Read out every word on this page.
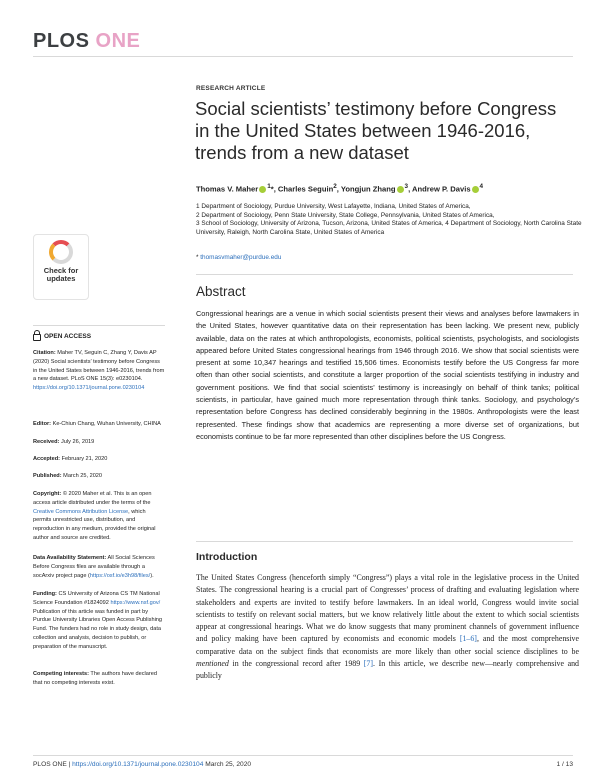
PLOS ONE
RESEARCH ARTICLE
Social scientists’ testimony before Congress in the United States between 1946-2016, trends from a new dataset
Thomas V. Maher $^1$*, Charles Seguin$^2$, Yongjun Zhang $^3$, Andrew P. Davis $^4$
1 Department of Sociology, Purdue University, West Lafayette, Indiana, United States of America,
2 Department of Sociology, Penn State University, State College, Pennsylvania, United States of America,
3 School of Sociology, University of Arizona, Tucson, Arizona, United States of America, 4 Department of Sociology, North Carolina State University, Raleigh, North Carolina State, United States of America
* thomasvmaher@purdue.edu
Check for
updates
OPEN ACCESS
Citation: Maher TV, Seguin C, Zhang Y, Davis AP (2020) Social scientists’ testimony before Congress in the United States between 1946-2016, trends from a new dataset. PLoS ONE 15(3): e0230104. https://doi.org/10.1371/journal.pone.0230104
Editor: Ke-Chiun Chang, Wuhan University, CHINA
Received: July 26, 2019
Accepted: February 21, 2020
Published: March 25, 2020
Copyright: © 2020 Maher et al. This is an open access article distributed under the terms of the Creative Commons Attribution License, which permits unrestricted use, distribution, and reproduction in any medium, provided the original author and source are credited.
Data Availability Statement: All Social Sciences Before Congress files are available through a socArxiv project page (https://osf.io/e3h98/files/).
Funding: CS University of Arizona CS TM National Science Foundation #1824092 https://www.nsf.gov/ Publication of this article was funded in part by Purdue University Libraries Open Access Publishing Fund. The funders had no role in study design, data collection and analysis, decision to publish, or preparation of the manuscript.
Competing interests: The authors have declared that no competing interests exist.
Abstract
Congressional hearings are a venue in which social scientists present their views and analyses before lawmakers in the United States, however quantitative data on their representation has been lacking. We present new, publicly available, data on the rates at which anthropologists, economists, political scientists, psychologists, and sociologists appeared before United States congressional hearings from 1946 through 2016. We show that social scientists were present at some 10,347 hearings and testified 15,506 times. Economists testify before the US Congress far more often than other social scientists, and constitute a larger proportion of the social scientists testifying in industry and government positions. We find that social scientists’ testimony is increasingly on behalf of think tanks; political scientists, in particular, have gained much more representation through think tanks. Sociology, and psychology’s representation before Congress has declined considerably beginning in the 1980s. Anthropologists were the least represented. These findings show that academics are representing a more diverse set of organizations, but economists continue to be far more represented than other disciplines before the US Congress.
Introduction
The United States Congress (henceforth simply “Congress”) plays a vital role in the legislative process in the United States. The congressional hearing is a crucial part of Congresses’ process of drafting and evaluating legislation where stakeholders and experts are invited to testify before lawmakers. In an ideal world, Congress would invite social scientists to testify on relevant social matters, but we know relatively little about the extent to which social scientists appear at congressional hearings. What we do know suggests that many prominent channels of government influence and policy making have been captured by economists and economic models [1–6], and the most comprehensive comparative data on the subject finds that economists are more likely than other social science disciplines to be mentioned in the congressional record after 1989 [7]. In this article, we describe new—nearly comprehensive and publicly
PLOS ONE | https://doi.org/10.1371/journal.pone.0230104 March 25, 2020	1 / 13
